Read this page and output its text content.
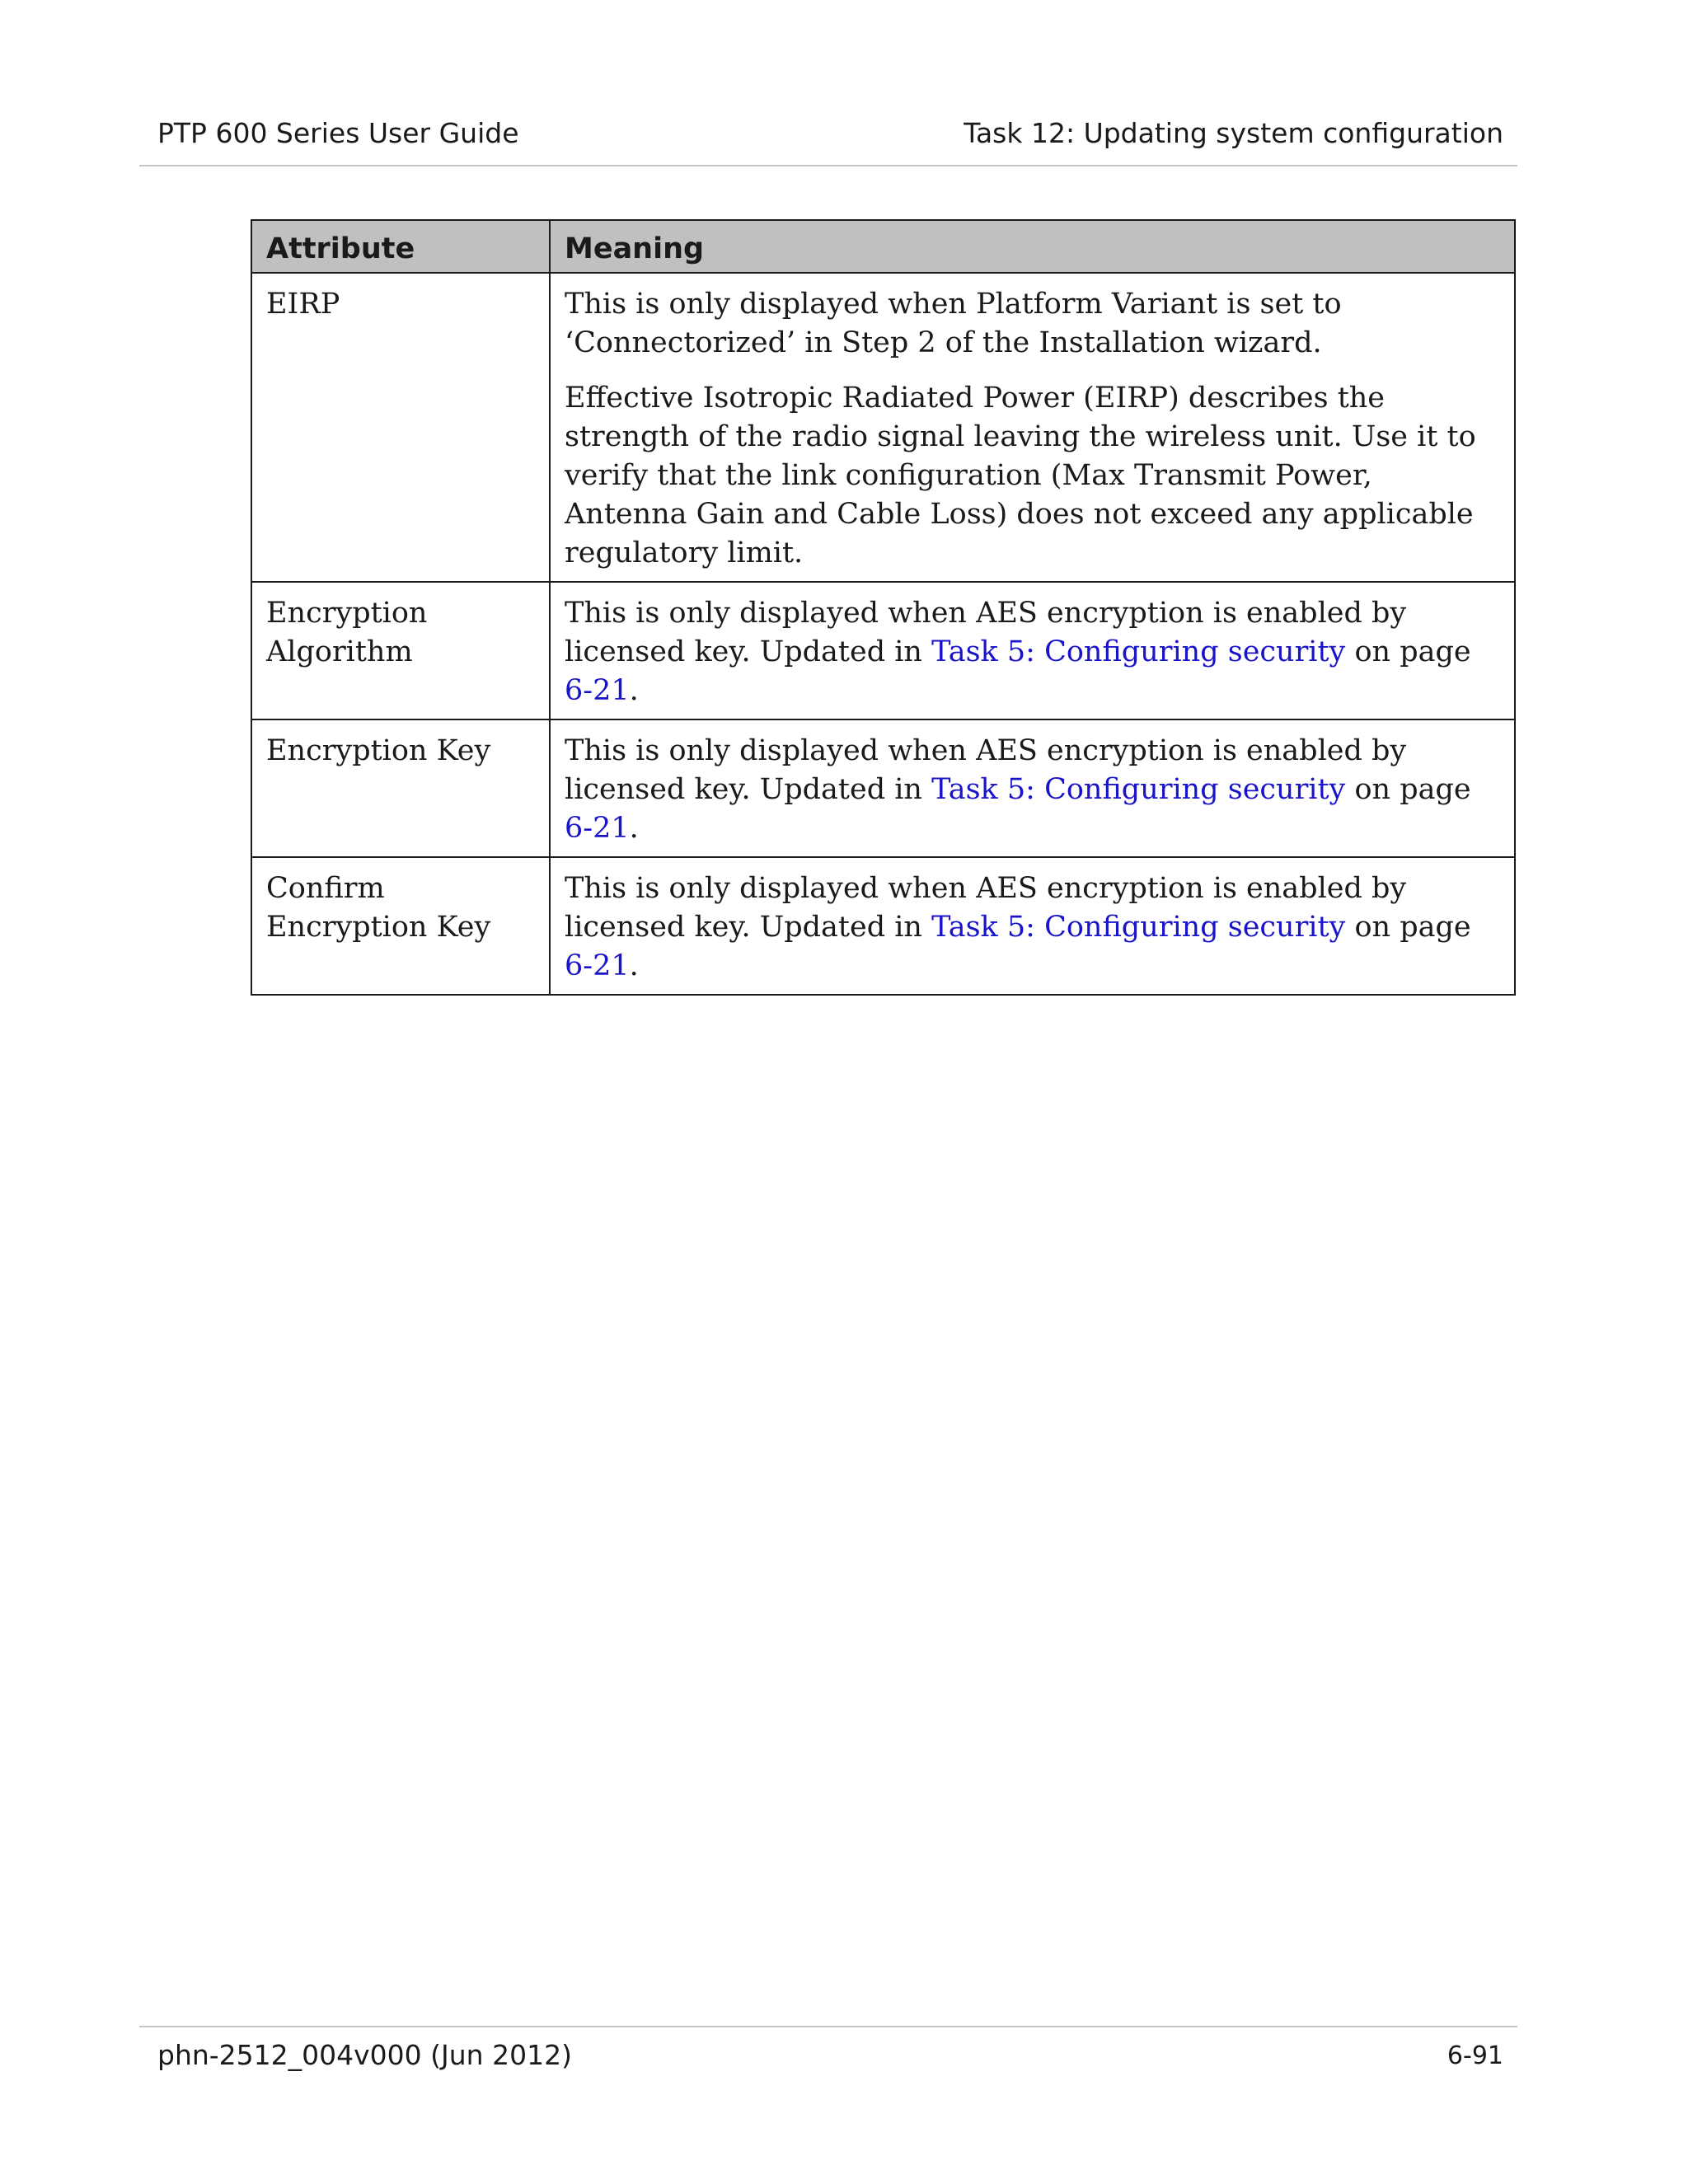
PTP 600 Series User Guide	Task 12: Updating system configuration
Attribute	Meaning
EIRP	This is only displayed when Platform Variant is set to ‘Connectorized’ in Step 2 of the Installation wizard.

Effective Isotropic Radiated Power (EIRP) describes the strength of the radio signal leaving the wireless unit. Use it to verify that the link configuration (Max Transmit Power, Antenna Gain and Cable Loss) does not exceed any applicable regulatory limit.

Encryption
Algorithm	This is only displayed when AES encryption is enabled by licensed key. Updated in Task 5: Configuring security on page 6-21.
Encryption Key	This is only displayed when AES encryption is enabled by licensed key. Updated in Task 5: Configuring security on page 6-21.
Confirm
Encryption Key	This is only displayed when AES encryption is enabled by licensed key. Updated in Task 5: Configuring security on page 6-21.
phn-2512_004v000 (Jun 2012)	6-91
